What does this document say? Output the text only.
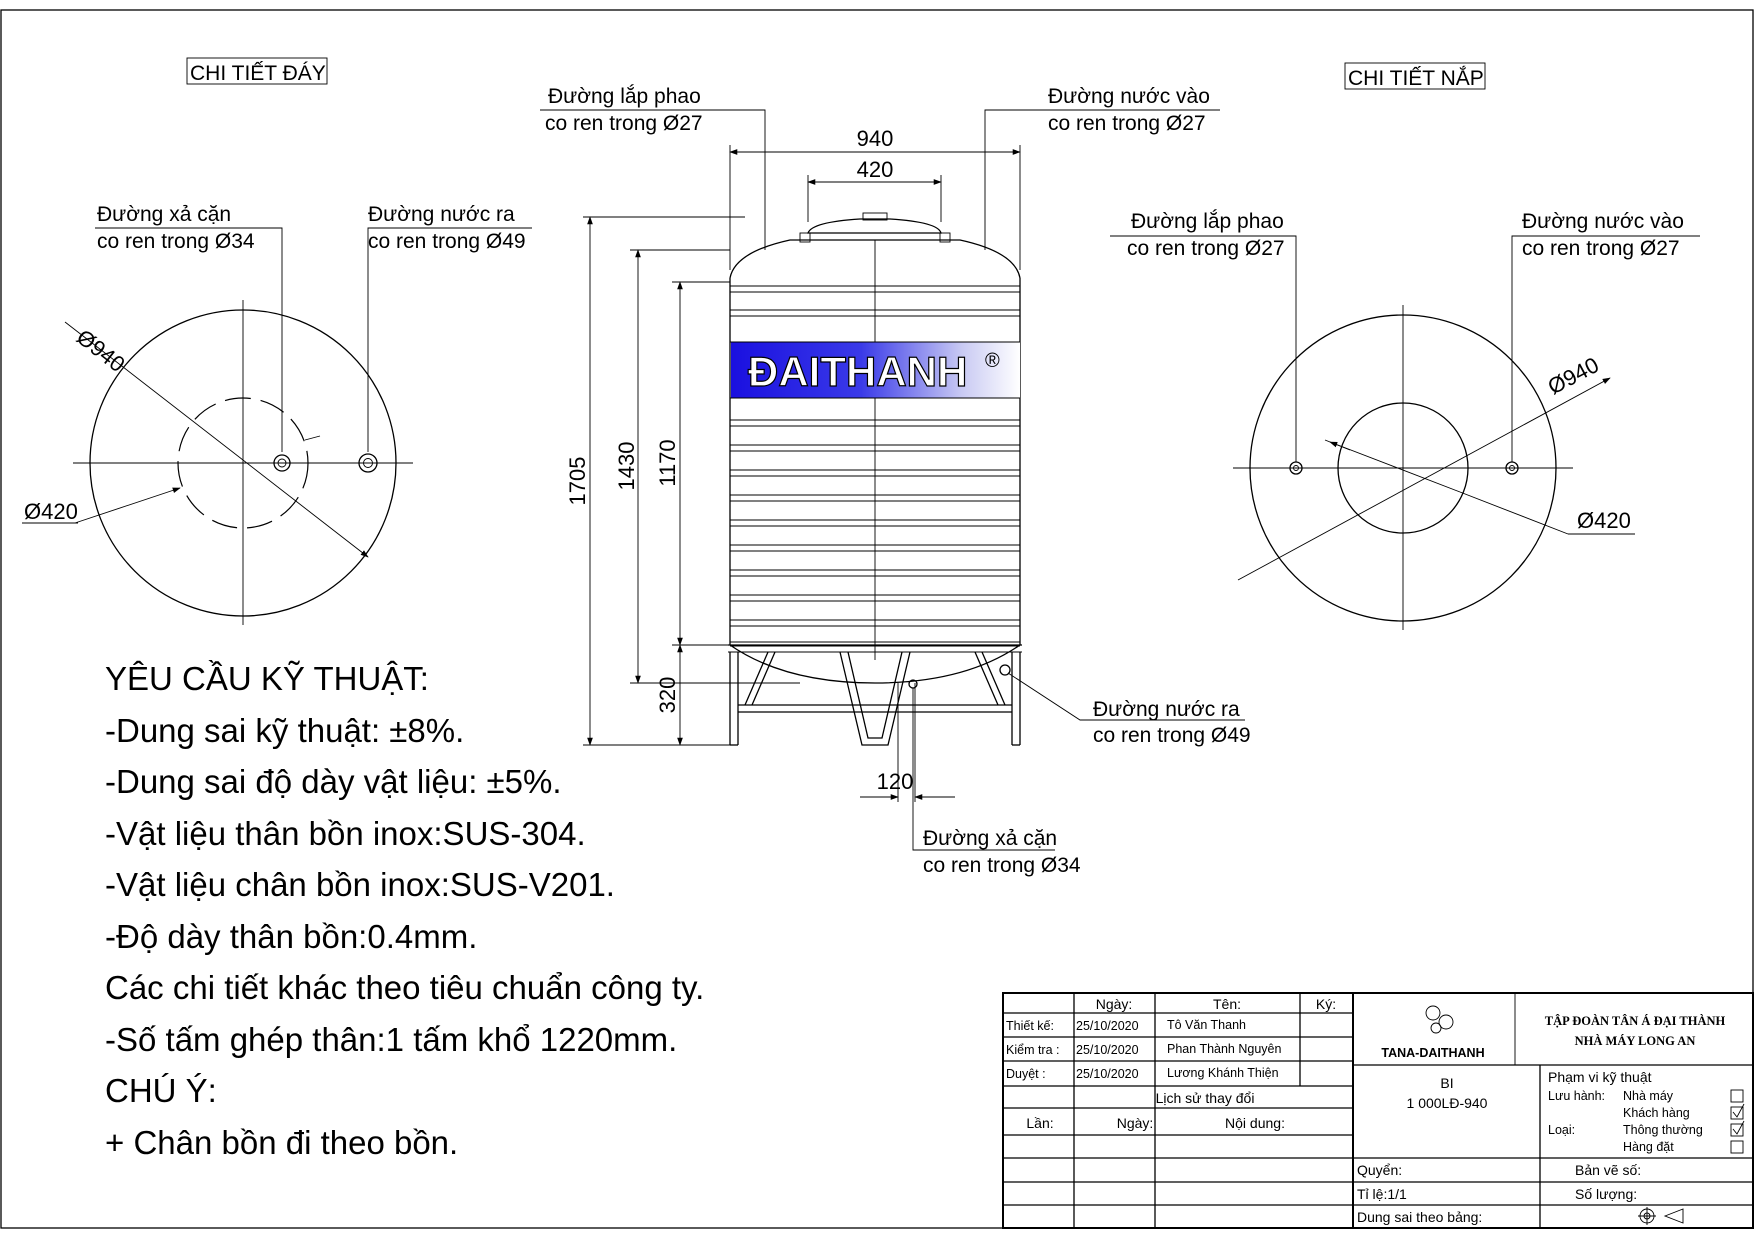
CHI TIẾT ĐÁY
Ø940
Ø420
Đường xả cặn
co ren trong Ø34
Đường nước ra
co ren trong Ø49
Đường lắp phao
co ren trong Ø27
Đường nước vào
co ren trong Ø27
940
420
ĐAITHANH ®
1705 1430 1170
320
120
Đường xả cặn
co ren trong Ø34
Đường nước ra
co ren trong Ø49
CHI TIẾT NẮP
Ø940
Ø420
Đường lắp phao
co ren trong Ø27
Đường nước vào
co ren trong Ø27
YÊU CẦU KỸ THUẬT:
-Dung sai kỹ thuật: ±8%.
-Dung sai độ dày vật liệu: ±5%.
-Vật liệu thân bồn inox:SUS-304.
-Vật liệu chân bồn inox:SUS-V201.
-Độ dày thân bồn:0.4mm.
Các chi tiết khác theo tiêu chuẩn công ty.
-Số tấm ghép thân:1 tấm khổ 1220mm.
CHÚ Ý:
+ Chân bồn đi theo bồn.
Ngày:	Tên:	Ký:
Thiết kế: 25/10/2020 Tô Văn Thanh
Kiểm tra : 25/10/2020 Phan Thành Nguyên
Duyệt : 25/10/2020 Lương Khánh Thiện
Lịch sử thay đổi
Lần:	Ngày:	Nội dung:
TANA-DAITHANH
TẬP ĐOÀN TÂN Á ĐẠI THÀNH
NHÀ MÁY LONG AN
BI
1 000LĐ-940
Phạm vi kỹ thuật
Lưu hành: Nhà máy
Khách hàng
Loại:	Thông thường
Hàng đặt
Quyển:	Bản vẽ số:
Tỉ lệ:1/1	Số lượng:
Dung sai theo bảng:
